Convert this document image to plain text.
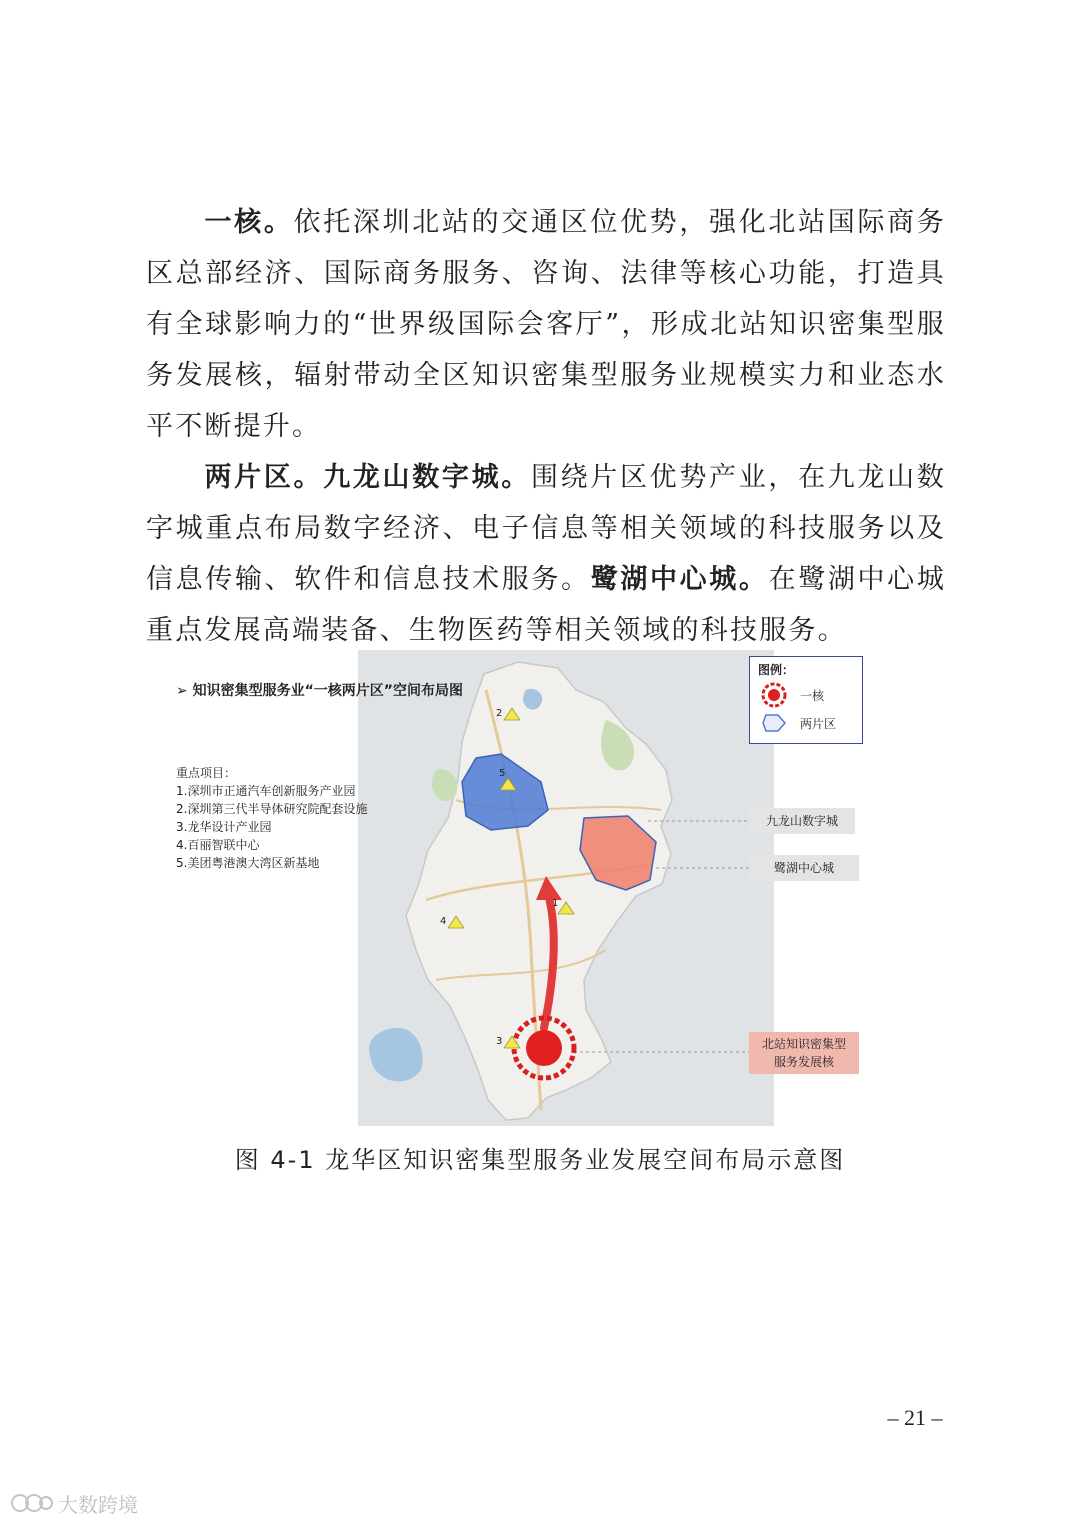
一核。依托深圳北站的交通区位优势，强化北站国际商务区总部经济、国际商务服务、咨询、法律等核心功能，打造具有全球影响力的“世界级国际会客厅”，形成北站知识密集型服务发展核，辐射带动全区知识密集型服务业规模实力和业态水平不断提升。

两片区。九龙山数字城。围绕片区优势产业，在九龙山数字城重点布局数字经济、电子信息等相关领域的科技服务以及信息传输、软件和信息技术服务。鹭湖中心城。在鹭湖中心城重点发展高端装备、生物医药等相关领域的科技服务。

1
2
3
4
5
➢ 知识密集型服务业“一核两片区”空间布局图
重点项目：
1.深圳市正通汽车创新服务产业园
2.深圳第三代半导体研究院配套设施
3.龙华设计产业园
4.百丽智联中心
5.美团粤港澳大湾区新基地
图例：
一核
两片区
九龙山数字城
鹭湖中心城
北站知识密集型
服务发展核
图 4-1 龙华区知识密集型服务业发展空间布局示意图
– 21 –
大数跨境
